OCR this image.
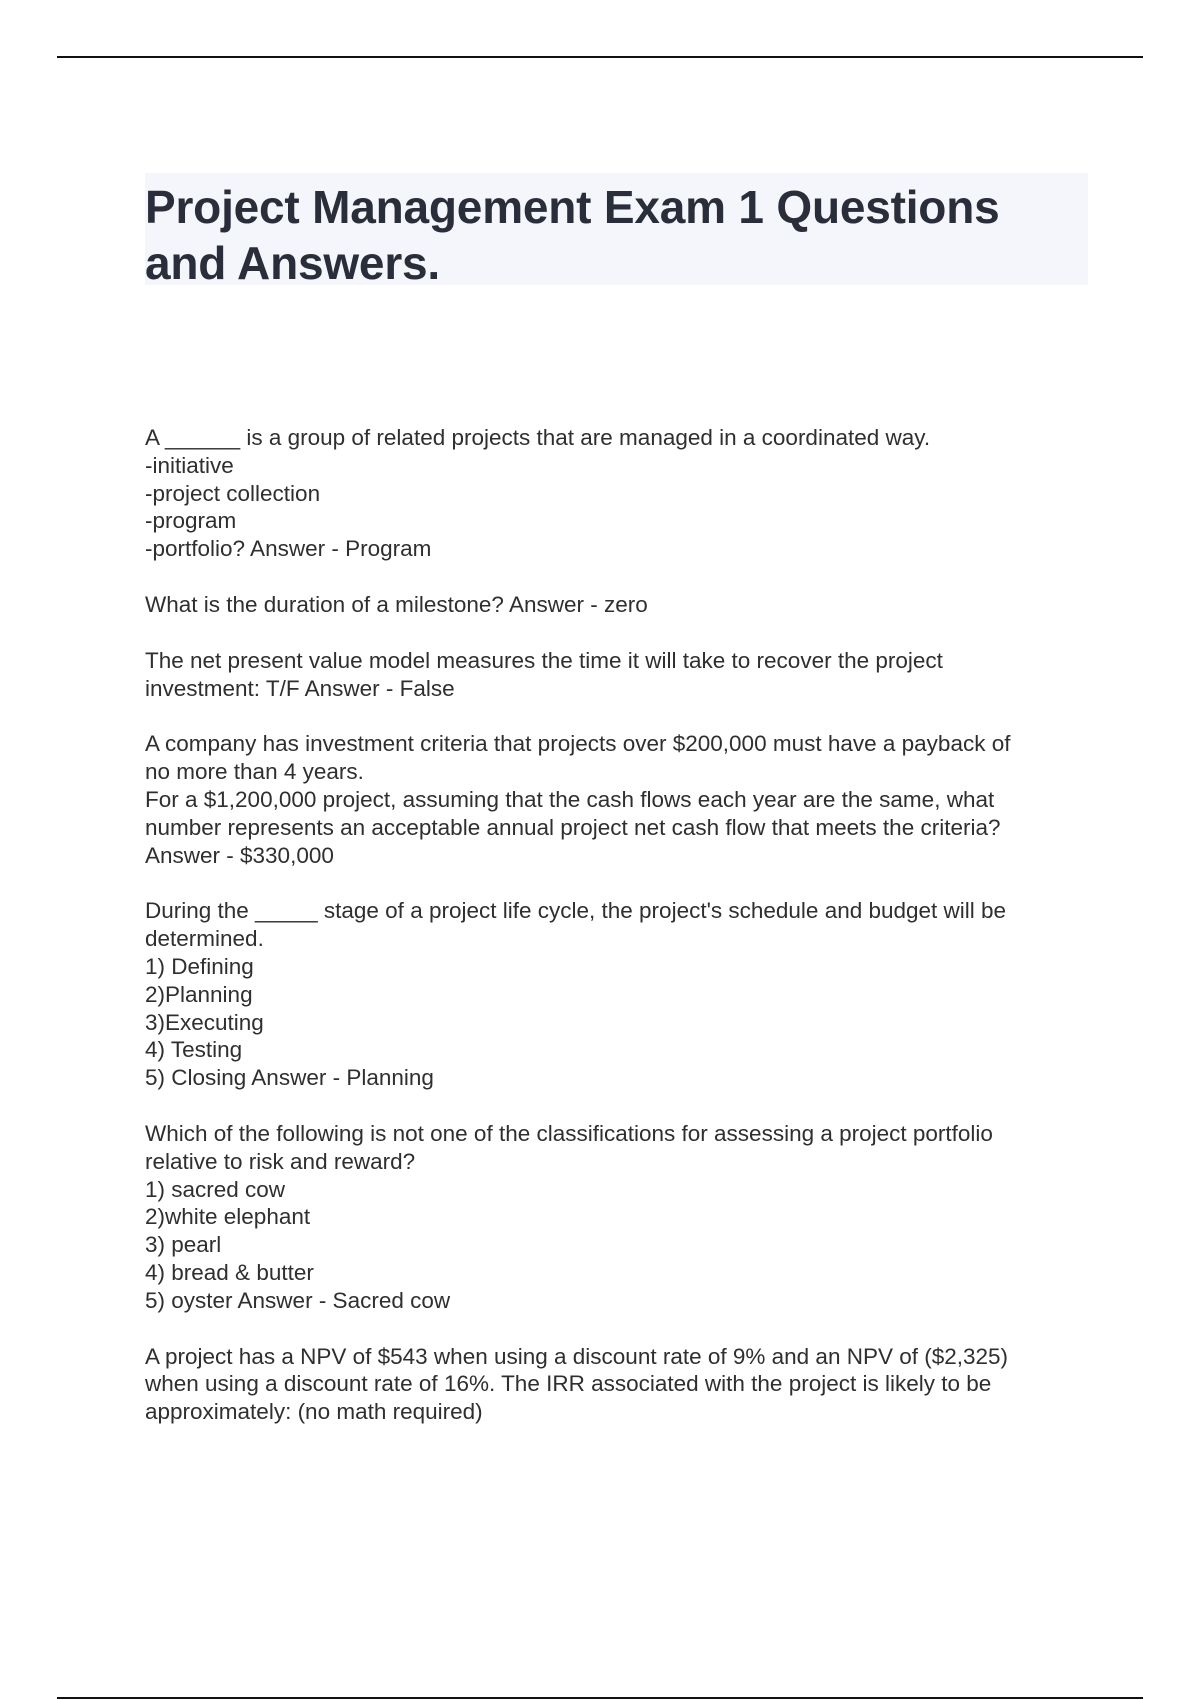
Project Management Exam 1 Questions
and Answers.
A ______ is a group of related projects that are managed in a coordinated way.
-initiative
-project collection
-program
-portfolio? Answer - Program
What is the duration of a milestone? Answer - zero
The net present value model measures the time it will take to recover the project
investment: T/F Answer - False
A company has investment criteria that projects over $200,000 must have a payback of
no more than 4 years.
For a $1,200,000 project, assuming that the cash flows each year are the same, what
number represents an acceptable annual project net cash flow that meets the criteria?
Answer - $330,000
During the _____ stage of a project life cycle, the project's schedule and budget will be
determined.
1) Defining
2)Planning
3)Executing
4) Testing
5) Closing Answer - Planning
Which of the following is not one of the classifications for assessing a project portfolio
relative to risk and reward?
1) sacred cow
2)white elephant
3) pearl
4) bread & butter
5) oyster Answer - Sacred cow
A project has a NPV of $543 when using a discount rate of 9% and an NPV of ($2,325)
when using a discount rate of 16%. The IRR associated with the project is likely to be
approximately: (no math required)
